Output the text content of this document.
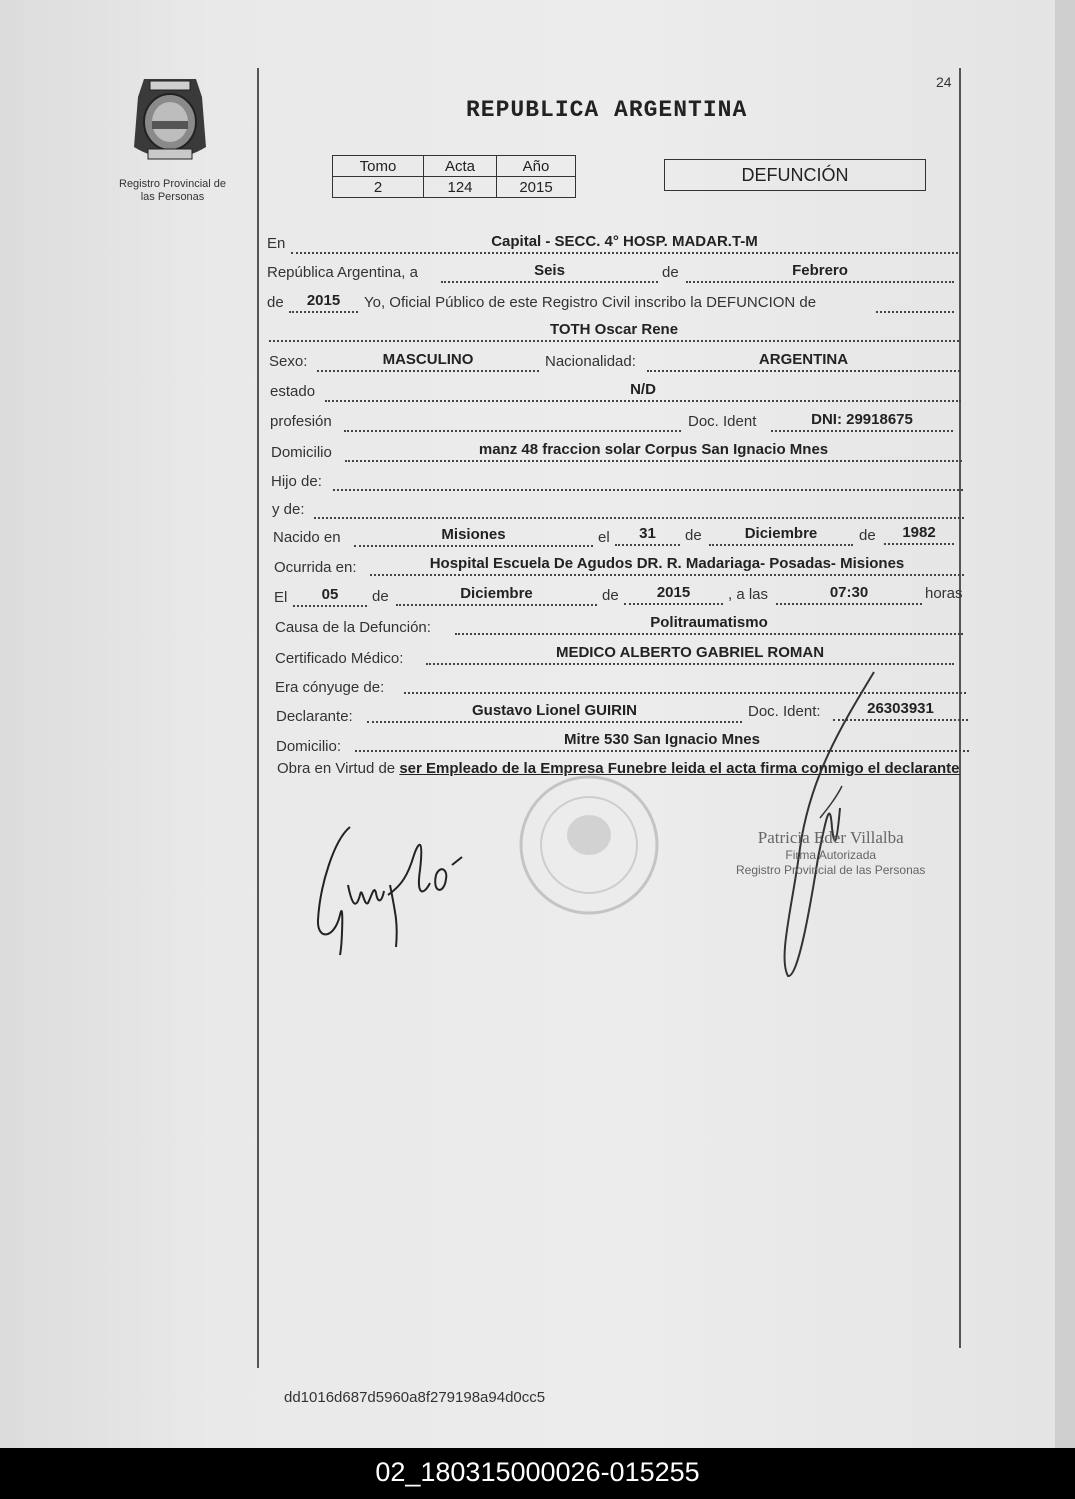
Registro Provincial de
las Personas
24
REPUBLICA ARGENTINA
Tomo	Acta	Año
2	124	2015
DEFUNCIÓN
En	Capital - SECC. 4° HOSP. MADAR.T-M
República Argentina, a	Seis	de	Febrero
de	2015	Yo, Oficial Público de este Registro Civil inscribo la DEFUNCION de
TOTH Oscar Rene
Sexo:	MASCULINO	Nacionalidad:	ARGENTINA
estado	N/D
profesión	Doc. Ident	DNI: 29918675
Domicilio	manz 48 fraccion solar Corpus San Ignacio Mnes
Hijo de:
y de:
Nacido en	Misiones	el	31	de	Diciembre	de	1982
Ocurrida en:	Hospital Escuela De Agudos DR. R. Madariaga- Posadas- Misiones
El	05	de	Diciembre	de	2015	, a las	07:30	horas
Causa de la Defunción:	Politraumatismo
Certificado Médico:	MEDICO ALBERTO GABRIEL ROMAN
Era cónyuge de:
Declarante:	Gustavo Lionel GUIRIN	Doc. Ident:	26303931
Domicilio:	Mitre 530 San Ignacio Mnes
Obra en Virtud de ser Empleado de la Empresa Funebre leida el acta firma conmigo el declarante
Patricia Eder Villalba
Firma Autorizada
Registro Provincial de las Personas
dd1016d687d5960a8f279198a94d0cc5
02_180315000026-015255
